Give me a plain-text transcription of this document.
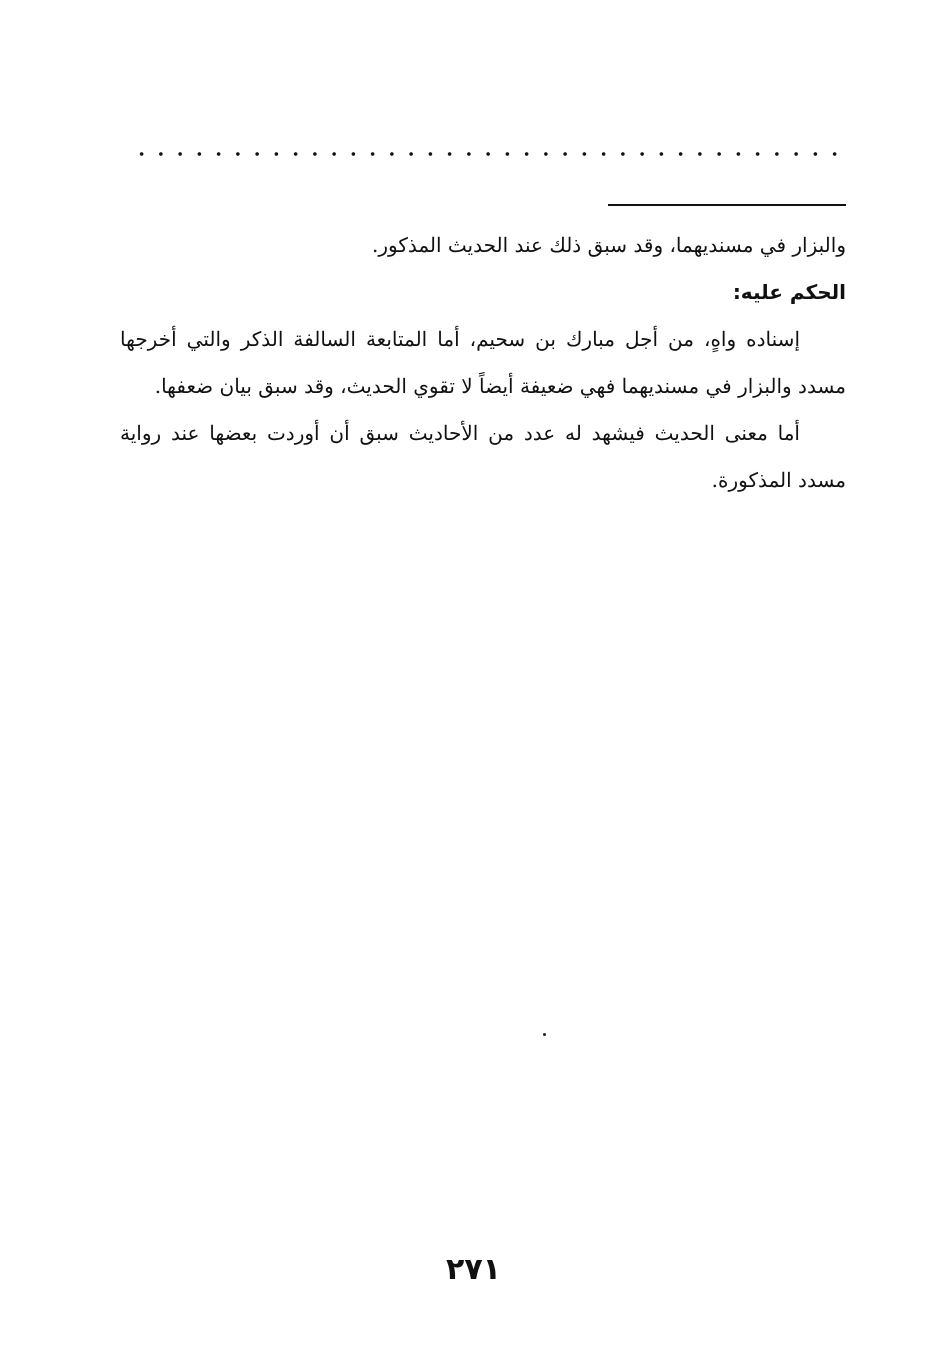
والبزار في مسنديهما، وقد سبق ذلك عند الحديث المذكور.

الحكم عليه:

إسناده واهٍ، من أجل مبارك بن سحيم، أما المتابعة السالفة الذكر والتي أخرجها مسدد والبزار في مسنديهما فهي ضعيفة أيضاً لا تقوي الحديث، وقد سبق بيان ضعفها.

أما معنى الحديث فيشهد له عدد من الأحاديث سبق أن أوردت بعضها عند رواية مسدد المذكورة.

٢٧١
